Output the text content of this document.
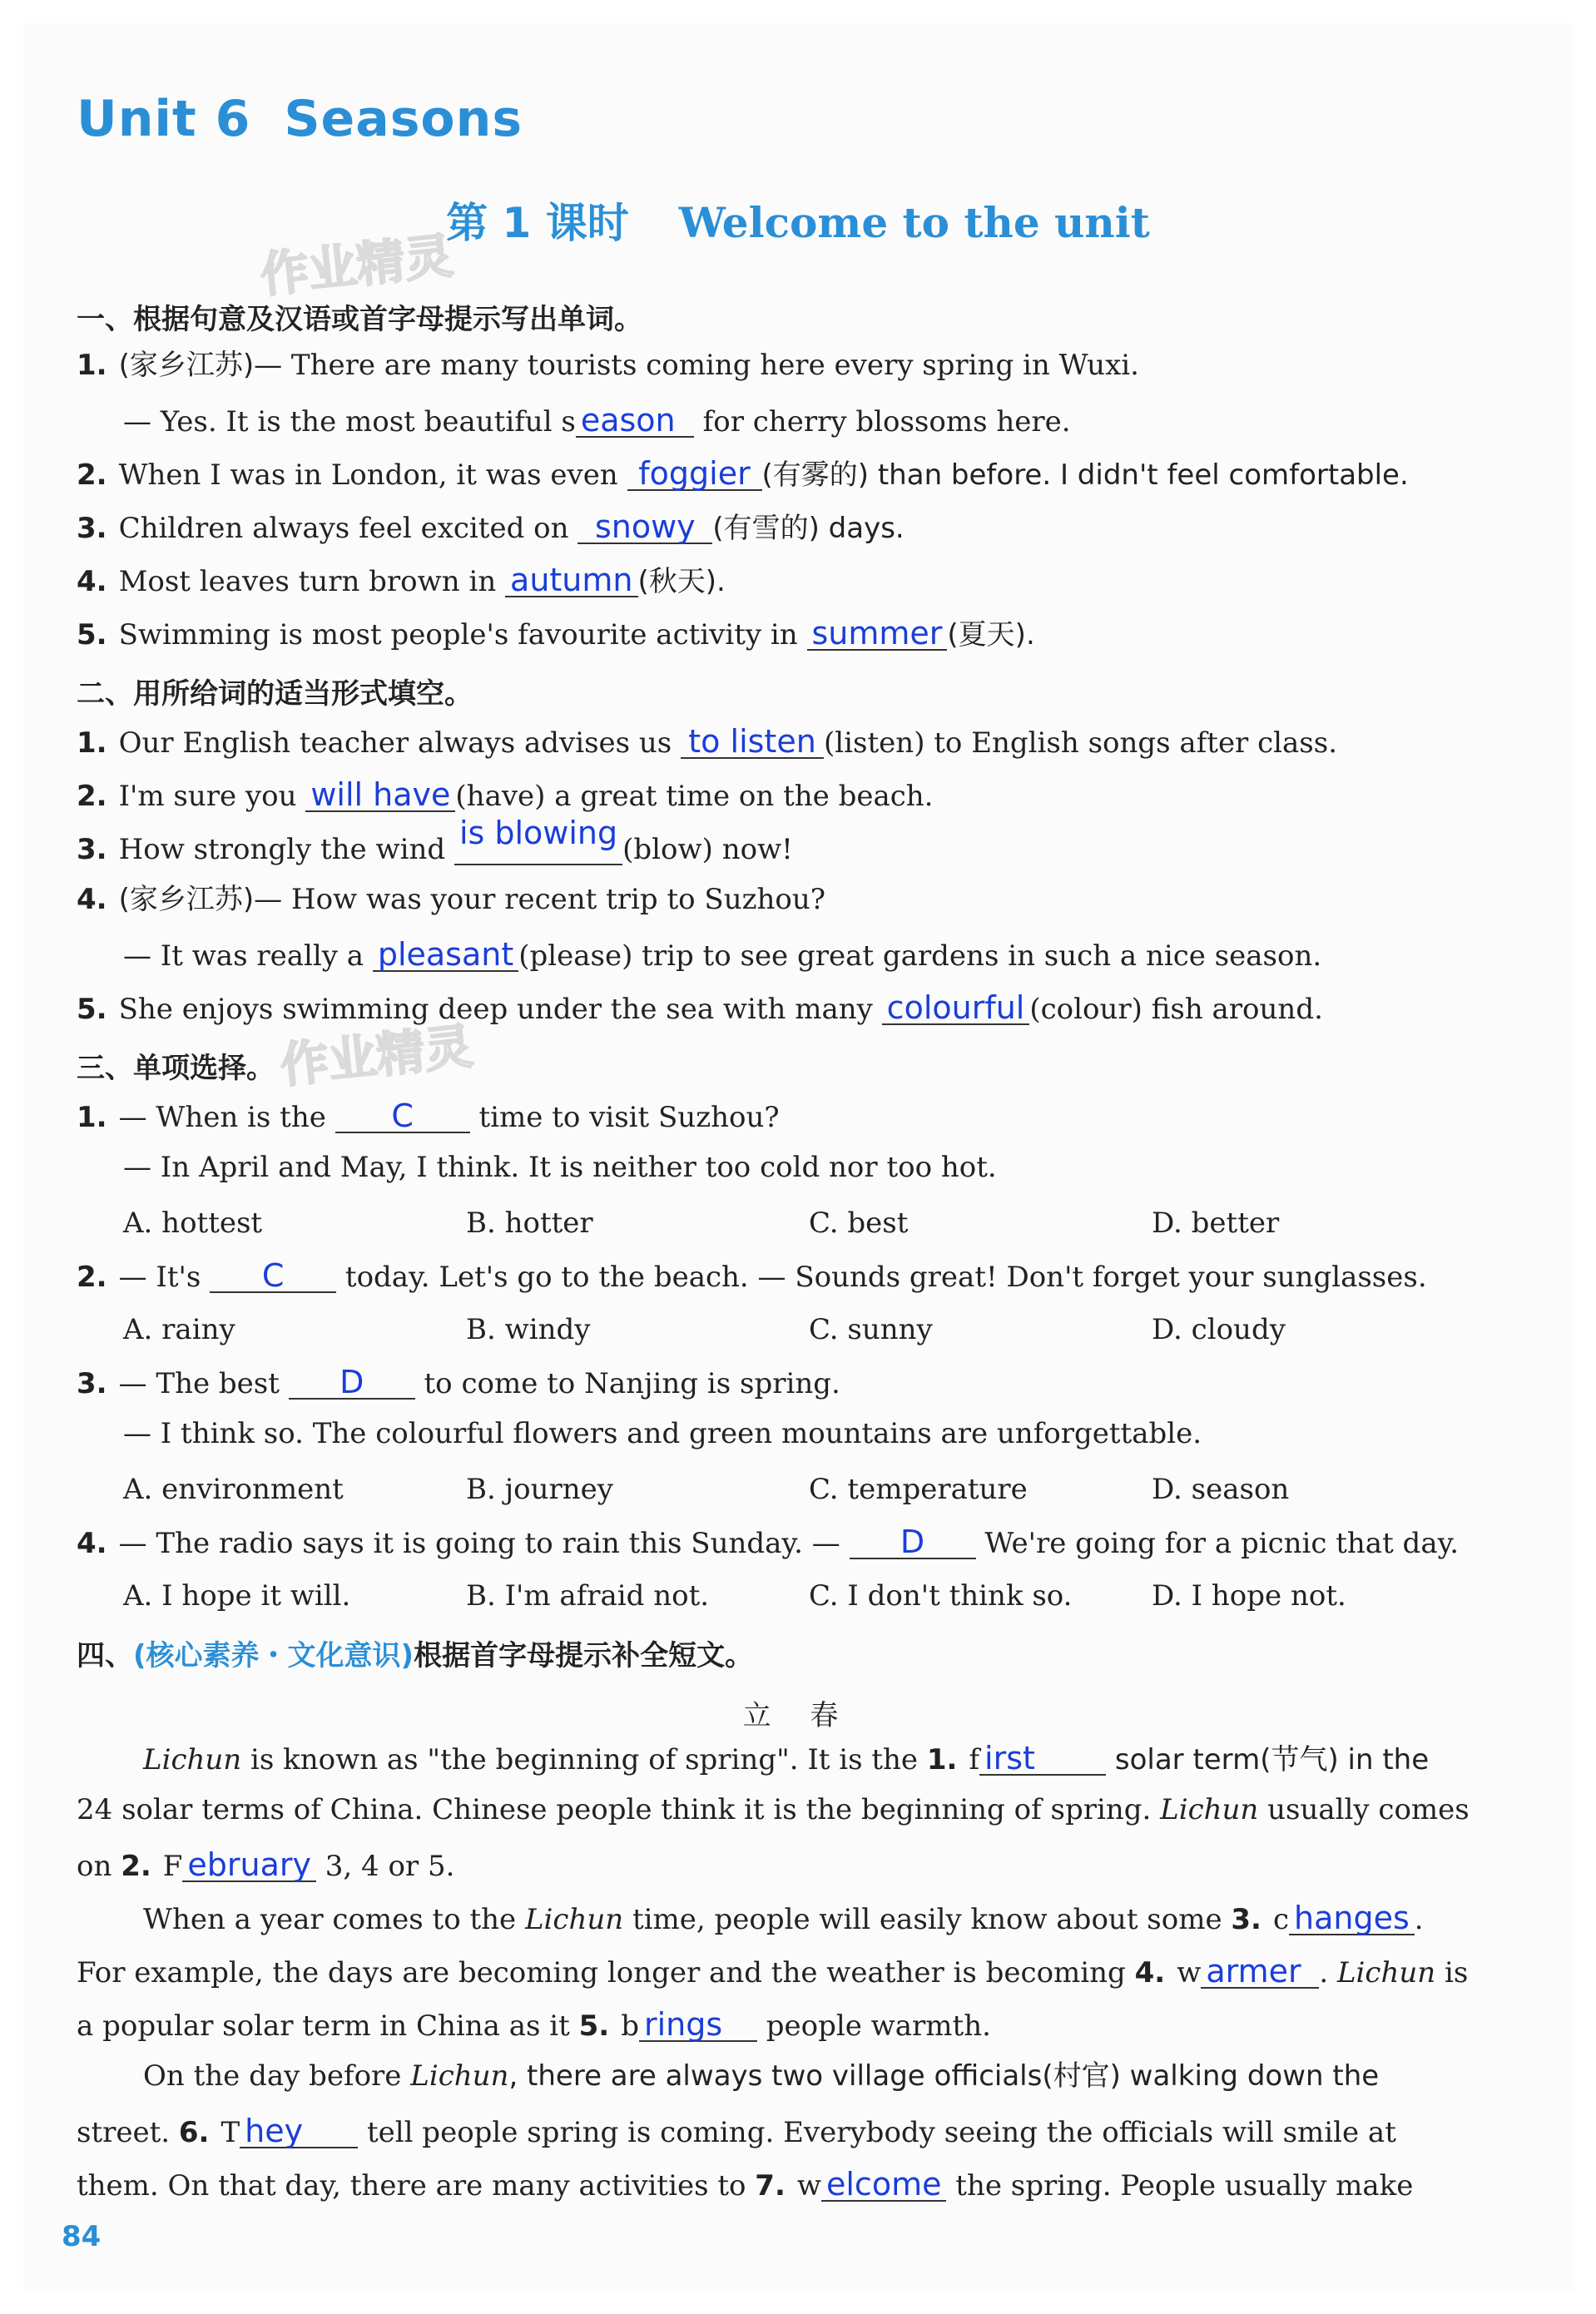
Unit 6 Seasons
作业精灵
第 1 课时 Welcome to the unit
一、根据句意及汉语或首字母提示写出单词。
1. (家乡江苏)— There are many tourists coming here every spring in Wuxi.
— Yes. It is the most beautiful s eason for cherry blossoms here.
2. When I was in London, it was even foggier (有雾的) than before. I didn't feel comfortable.
3. Children always feel excited on snowy (有雪的) days.
4. Most leaves turn brown in autumn (秋天).
5. Swimming is most people's favourite activity in summer (夏天).
二、用所给词的适当形式填空。
1. Our English teacher always advises us to listen (listen) to English songs after class.
2. I'm sure you will have (have) a great time on the beach.
3. How strongly the wind is blowing (blow) now!
4. (家乡江苏)— How was your recent trip to Suzhou?
— It was really a pleasant (please) trip to see great gardens in such a nice season.
5. She enjoys swimming deep under the sea with many colourful (colour) fish around.
作业精灵
三、单项选择。
1. — When is the C time to visit Suzhou?
— In April and May, I think. It is neither too cold nor too hot.
A. hottest	B. hotter	C. best	D. better
2. — It's C today. Let's go to the beach. — Sounds great! Don't forget your sunglasses.
A. rainy	B. windy	C. sunny	D. cloudy
3. — The best D to come to Nanjing is spring.
— I think so. The colourful flowers and green mountains are unforgettable.
A. environment	B. journey	C. temperature	D. season
4. — The radio says it is going to rain this Sunday. — D We're going for a picnic that day.
A. I hope it will.	B. I'm afraid not.	C. I don't think so.	D. I hope not.
四、(核心素养・文化意识)根据首字母提示补全短文。
立 春
Lichun is known as "the beginning of spring". It is the 1. f irst	solar term(节气) in the
24 solar terms of China. Chinese people think it is the beginning of spring. Lichun usually comes
on 2. F ebruary 3, 4 or 5.
When a year comes to the Lichun time, people will easily know about some 3. c hanges .
For example, the days are becoming longer and the weather is becoming 4. w armer . Lichun is
a popular solar term in China as it 5. b rings people warmth.
On the day before Lichun, there are always two village officials(村官) walking down the
street. 6. T hey tell people spring is coming. Everybody seeing the officials will smile at
them. On that day, there are many activities to 7. w elcome the spring. People usually make
84
